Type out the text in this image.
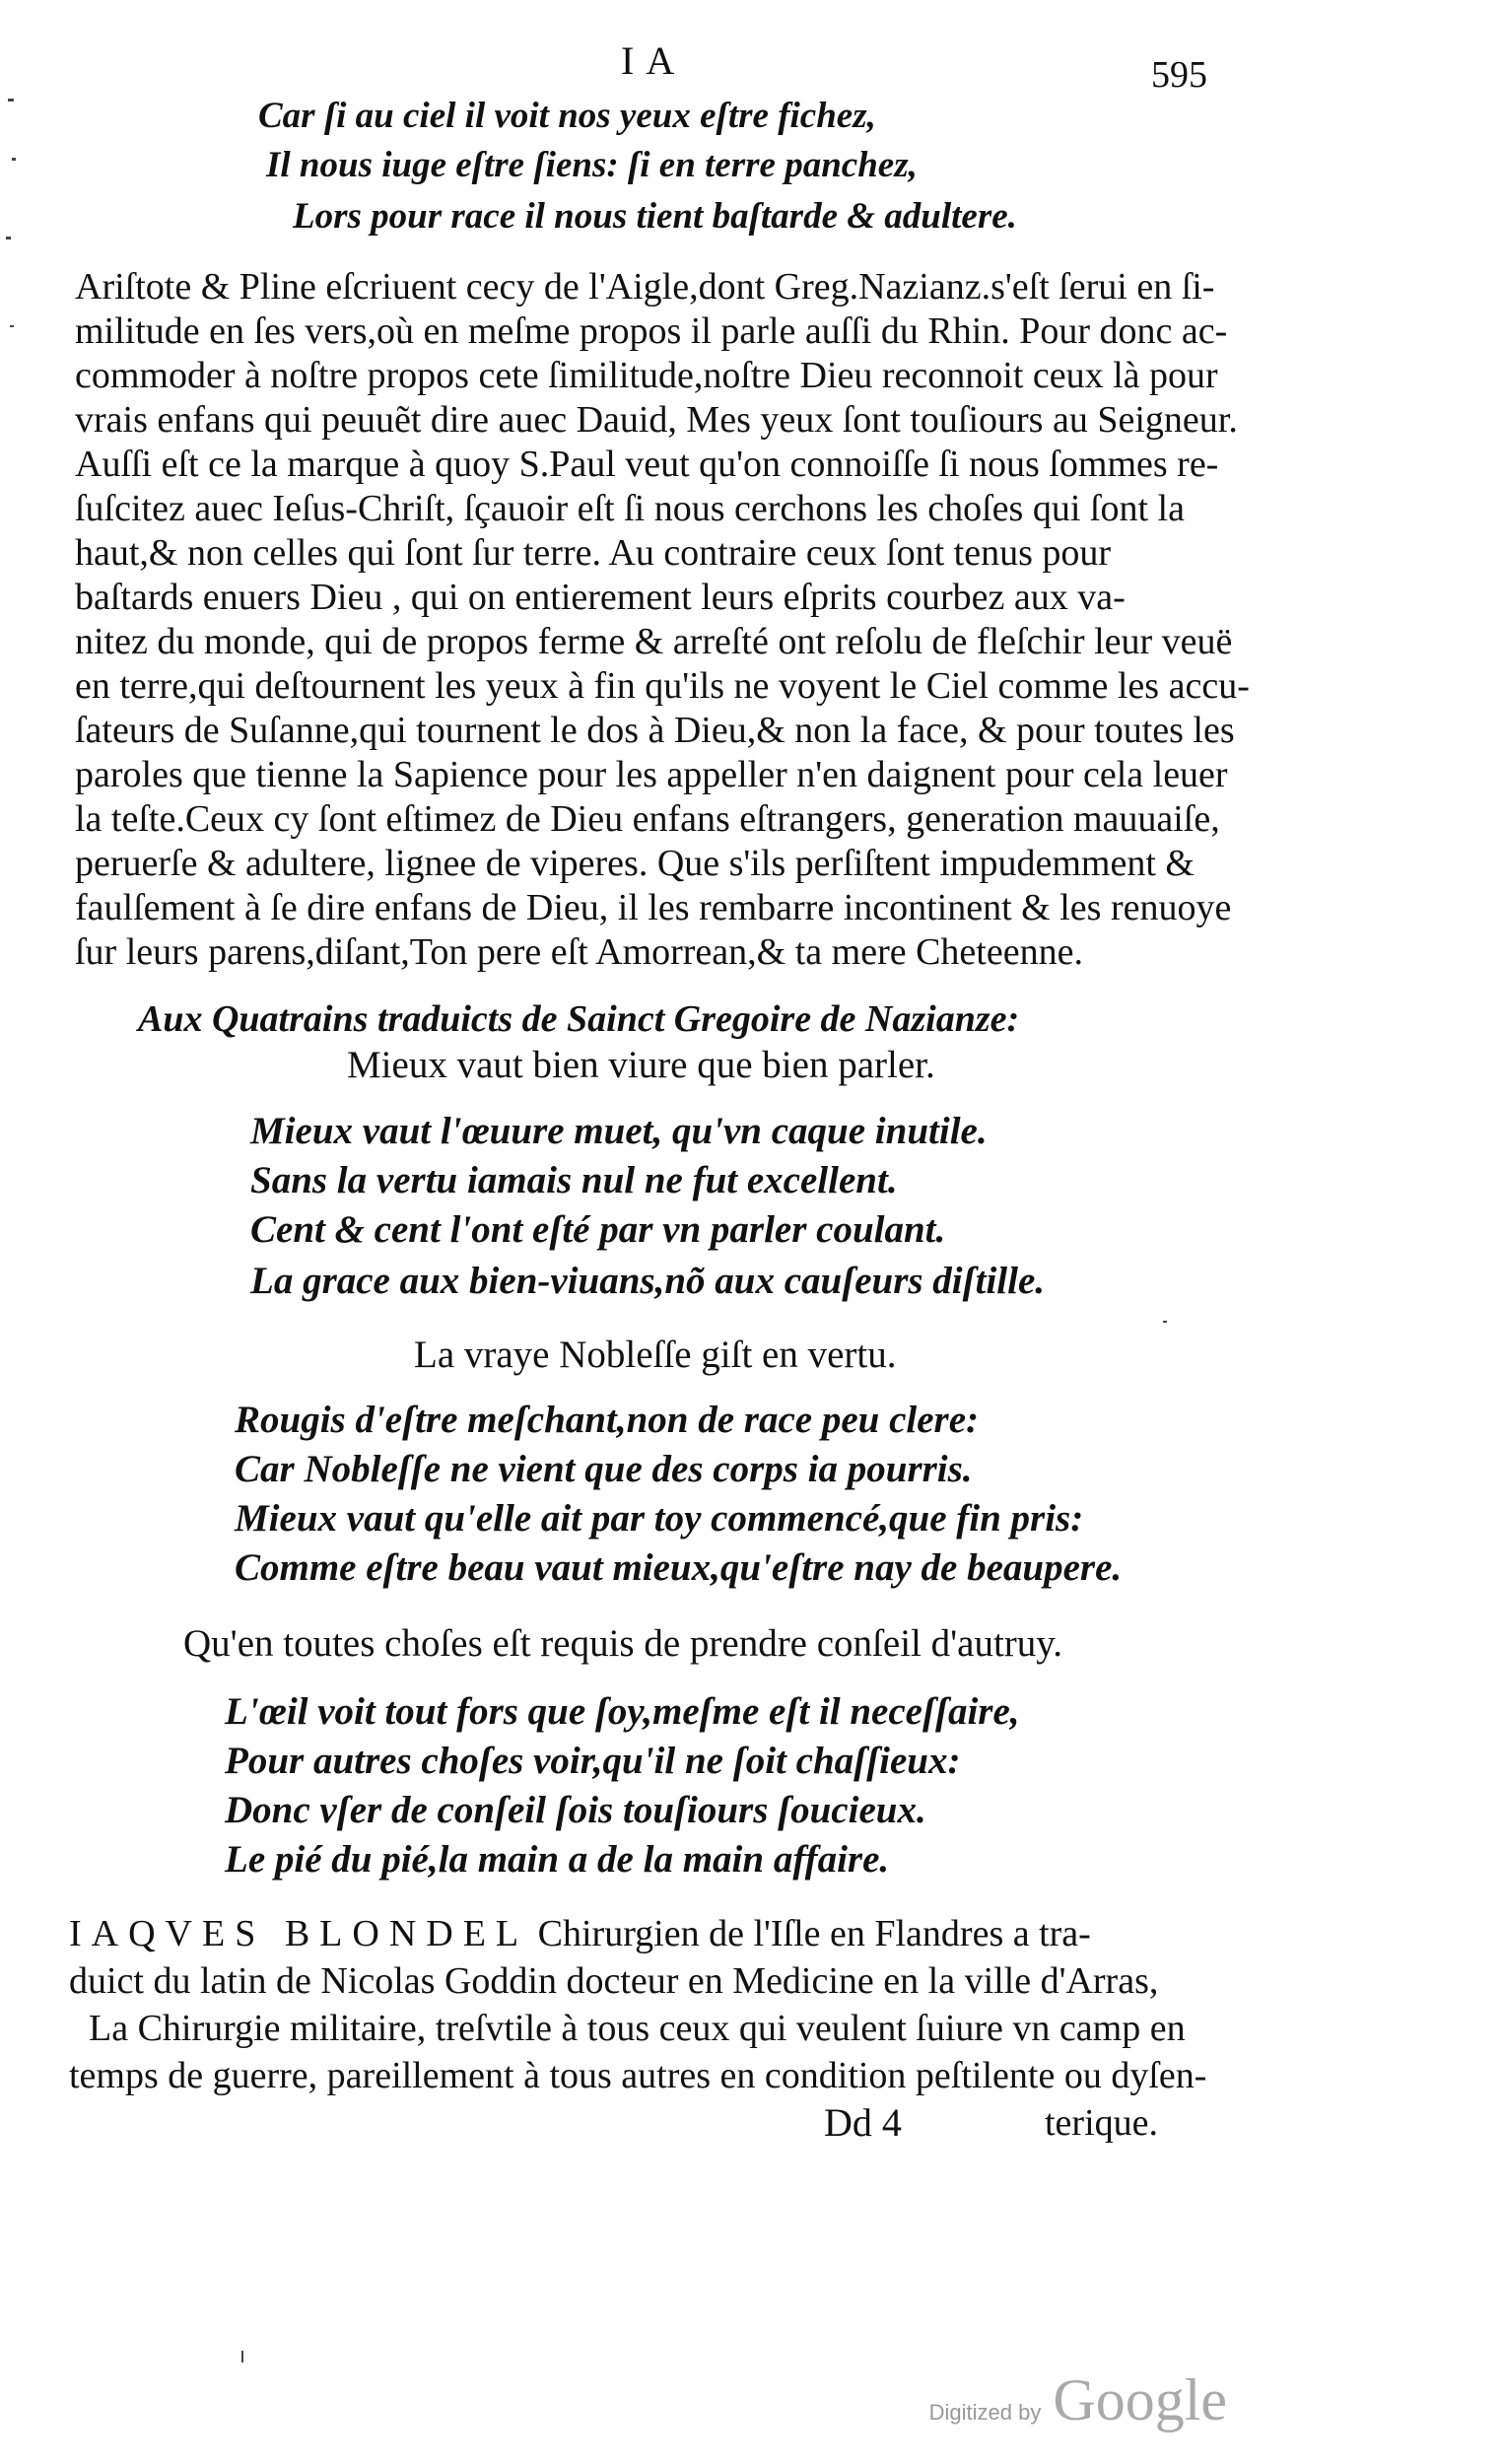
IA	595
Car ſi au ciel il voit nos yeux eſtre fichez,
Il nous iuge eſtre ſiens: ſi en terre panchez,
Lors pour race il nous tient baſtarde & adultere.
Ariſtote & Pline eſcriuent cecy de l'Aigle,dont Greg.Nazianz.s'eſt ſerui en ſi-
militude en ſes vers,où en meſme propos il parle auſſi du Rhin. Pour donc ac-
commoder à noſtre propos cete ſimilitude,noſtre Dieu reconnoit ceux là pour
vrais enfans qui peuuẽt dire auec Dauid, Mes yeux ſont touſiours au Seigneur.
Auſſi eſt ce la marque à quoy S.Paul veut qu'on connoiſſe ſi nous ſommes re-
ſuſcitez auec Ieſus-Chriſt, ſçauoir eſt ſi nous cerchons les choſes qui ſont la
haut,& non celles qui ſont ſur terre. Au contraire ceux ſont tenus pour
baſtards enuers Dieu , qui on entierement leurs eſprits courbez aux va-
nitez du monde, qui de propos ferme & arreſté ont reſolu de fleſchir leur veuë
en terre,qui deſtournent les yeux à fin qu'ils ne voyent le Ciel comme les accu-
ſateurs de Suſanne,qui tournent le dos à Dieu,& non la face, & pour toutes les
paroles que tienne la Sapience pour les appeller n'en daignent pour cela leuer
la teſte.Ceux cy ſont eſtimez de Dieu enfans eſtrangers, generation mauuaiſe,
peruerſe & adultere, lignee de viperes. Que s'ils perſiſtent impudemment &
faulſement à ſe dire enfans de Dieu, il les rembarre incontinent & les renuoye
ſur leurs parens,diſant,Ton pere eſt Amorrean,& ta mere Cheteenne.
Aux Quatrains traduicts de Sainct Gregoire de Nazianze:
Mieux vaut bien viure que bien parler.
Mieux vaut l'œuure muet, qu'vn caque inutile.
Sans la vertu iamais nul ne fut excellent.
Cent & cent l'ont eſté par vn parler coulant.
La grace aux bien-viuans,nõ aux cauſeurs diſtille.
La vraye Nobleſſe giſt en vertu.
Rougis d'eſtre meſchant,non de race peu clere:
Car Nobleſſe ne vient que des corps ia pourris.
Mieux vaut qu'elle ait par toy commencé,que fin pris:
Comme eſtre beau vaut mieux,qu'eſtre nay de beaupere.
Qu'en toutes choſes eſt requis de prendre conſeil d'autruy.
L'œil voit tout fors que ſoy,meſme eſt il neceſſaire,
Pour autres choſes voir,qu'il ne ſoit chaſſieux:
Donc vſer de conſeil ſois touſiours ſoucieux.
Le pié du pié,la main a de la main affaire.
IAQVES BLONDEL Chirurgien de l'Iſle en Flandres a tra-
duict du latin de Nicolas Goddin docteur en Medicine en la ville d'Arras,
La Chirurgie militaire, treſvtile à tous ceux qui veulent ſuiure vn camp en
temps de guerre, pareillement à tous autres en condition peſtilente ou dyſen-
terique.
Dd 4
Digitized by Google
